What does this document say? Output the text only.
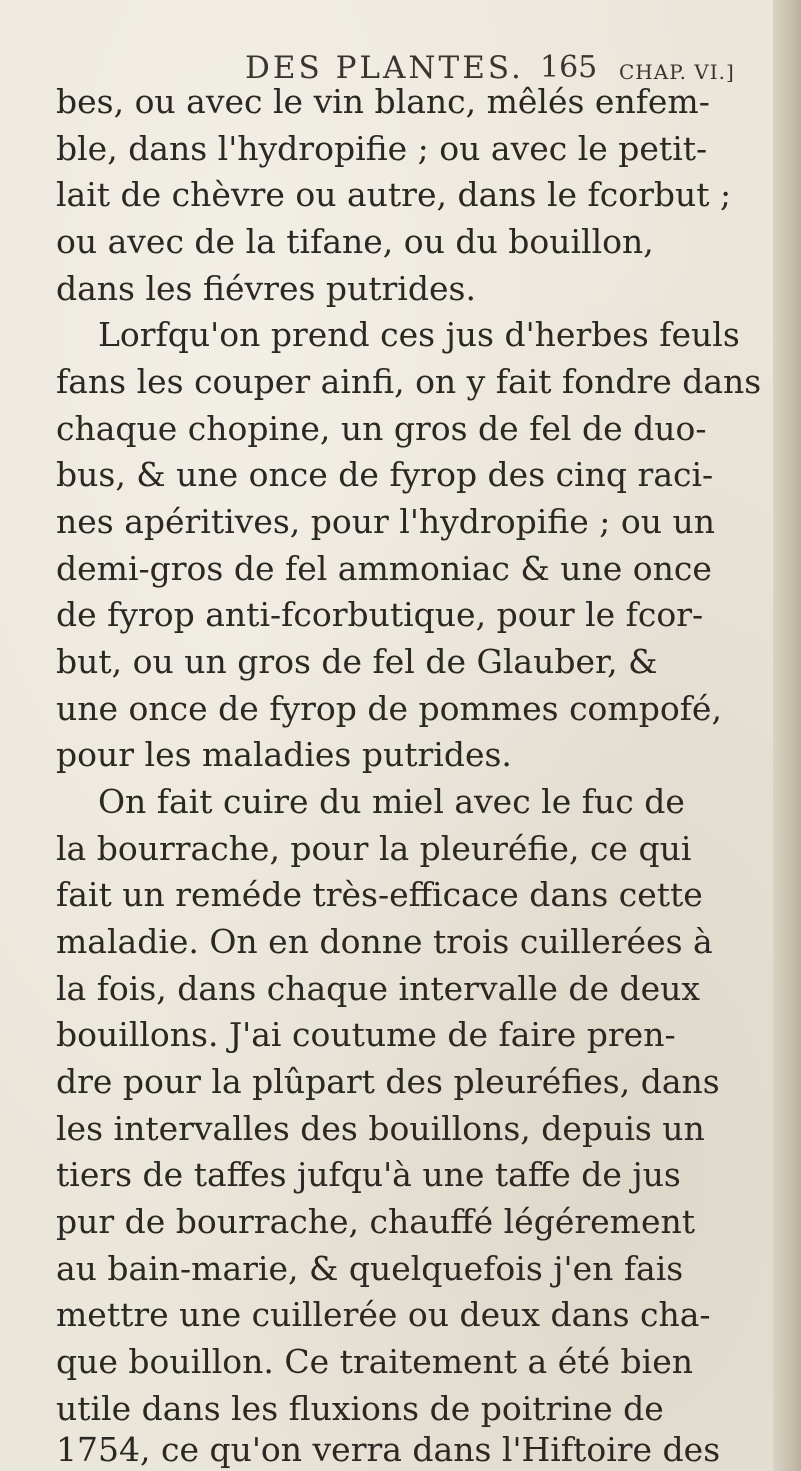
DES PLANTES. 165 CHAP. VI.]
bes, ou avec le vin blanc, mêlés enfem-
ble, dans l'hydropifie ; ou avec le petit-
lait de chèvre ou autre, dans le fcorbut ;
ou avec de la tifane, ou du bouillon,
dans les fiévres putrides.
Lorfqu'on prend ces jus d'herbes feuls
fans les couper ainfi, on y fait fondre dans
chaque chopine, un gros de fel de duo-
bus, & une once de fyrop des cinq raci-
nes apéritives, pour l'hydropifie ; ou un
demi-gros de fel ammoniac & une once
de fyrop anti-fcorbutique, pour le fcor-
but, ou un gros de fel de Glauber, &
une once de fyrop de pommes compofé,
pour les maladies putrides.
On fait cuire du miel avec le fuc de
la bourrache, pour la pleuréfie, ce qui
fait un reméde très-efficace dans cette
maladie. On en donne trois cuillerées à
la fois, dans chaque intervalle de deux
bouillons. J'ai coutume de faire pren-
dre pour la plûpart des pleuréfies, dans
les intervalles des bouillons, depuis un
tiers de taffes jufqu'à une taffe de jus
pur de bourrache, chauffé légérement
au bain-marie, & quelquefois j'en fais
mettre une cuillerée ou deux dans cha-
que bouillon. Ce traitement a été bien
utile dans les fluxions de poitrine de
1754, ce qu'on verra dans l'Hiftoire des
